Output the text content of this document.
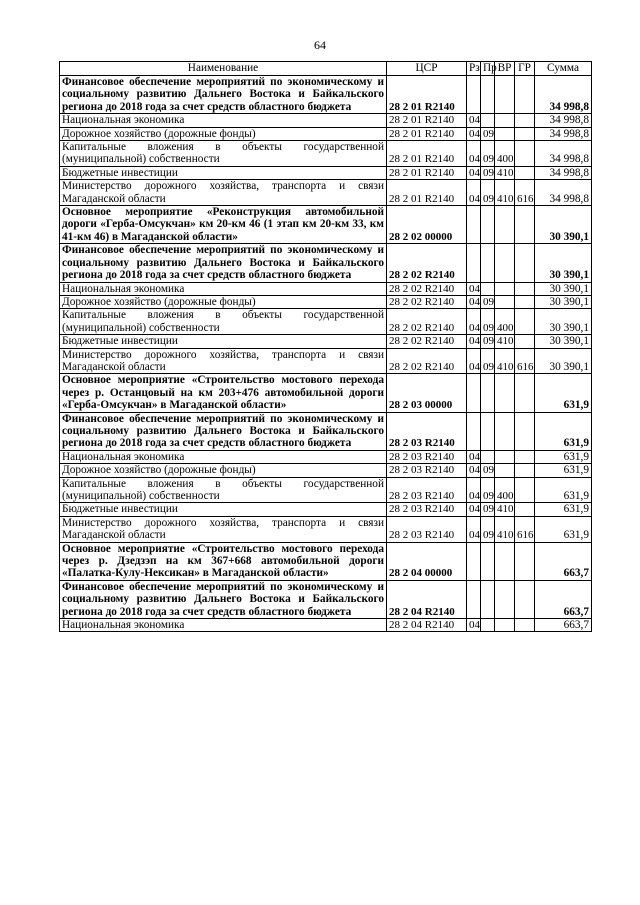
64
Наименование	ЦСР	Рз	Пр	ВР	ГР	Сумма
Финансовое обеспечение мероприятий по экономическому и социальному развитию Дальнего Востока и Байкальского региона до 2018 года за счет средств областного бюджета	28 2 01 R2140					34 998,8
Национальная экономика	28 2 01 R2140	04				34 998,8
Дорожное хозяйство (дорожные фонды)	28 2 01 R2140	04	09			34 998,8
Капитальные вложения в объекты государственной (муниципальной) собственности	28 2 01 R2140	04	09	400		34 998,8
Бюджетные инвестиции	28 2 01 R2140	04	09	410		34 998,8
Министерство дорожного хозяйства, транспорта и связи Магаданской области	28 2 01 R2140	04	09	410	616	34 998,8
Основное мероприятие «Реконструкция автомобильной дороги «Герба-Омсукчан» км 20-км 46 (1 этап км 20-км 33, км 41-км 46) в Магаданской области»	28 2 02 00000					30 390,1
Финансовое обеспечение мероприятий по экономическому и социальному развитию Дальнего Востока и Байкальского региона до 2018 года за счет средств областного бюджета	28 2 02 R2140					30 390,1
Национальная экономика	28 2 02 R2140	04				30 390,1
Дорожное хозяйство (дорожные фонды)	28 2 02 R2140	04	09			30 390,1
Капитальные вложения в объекты государственной (муниципальной) собственности	28 2 02 R2140	04	09	400		30 390,1
Бюджетные инвестиции	28 2 02 R2140	04	09	410		30 390,1
Министерство дорожного хозяйства, транспорта и связи Магаданской области	28 2 02 R2140	04	09	410	616	30 390,1
Основное мероприятие «Строительство мостового перехода через р. Останцовый на км 203+476 автомобильной дороги «Герба-Омсукчан» в Магаданской области»	28 2 03 00000					631,9
Финансовое обеспечение мероприятий по экономическому и социальному развитию Дальнего Востока и Байкальского региона до 2018 года за счет средств областного бюджета	28 2 03 R2140					631,9
Национальная экономика	28 2 03 R2140	04				631,9
Дорожное хозяйство (дорожные фонды)	28 2 03 R2140	04	09			631,9
Капитальные вложения в объекты государственной (муниципальной) собственности	28 2 03 R2140	04	09	400		631,9
Бюджетные инвестиции	28 2 03 R2140	04	09	410		631,9
Министерство дорожного хозяйства, транспорта и связи Магаданской области	28 2 03 R2140	04	09	410	616	631,9
Основное мероприятие «Строительство мостового перехода через р. Дзедзэп на км 367+668 автомобильной дороги «Палатка-Кулу-Нексикан» в Магаданской области»	28 2 04 00000					663,7
Финансовое обеспечение мероприятий по экономическому и социальному развитию Дальнего Востока и Байкальского региона до 2018 года за счет средств областного бюджета	28 2 04 R2140					663,7
Национальная экономика	28 2 04 R2140	04				663,7
